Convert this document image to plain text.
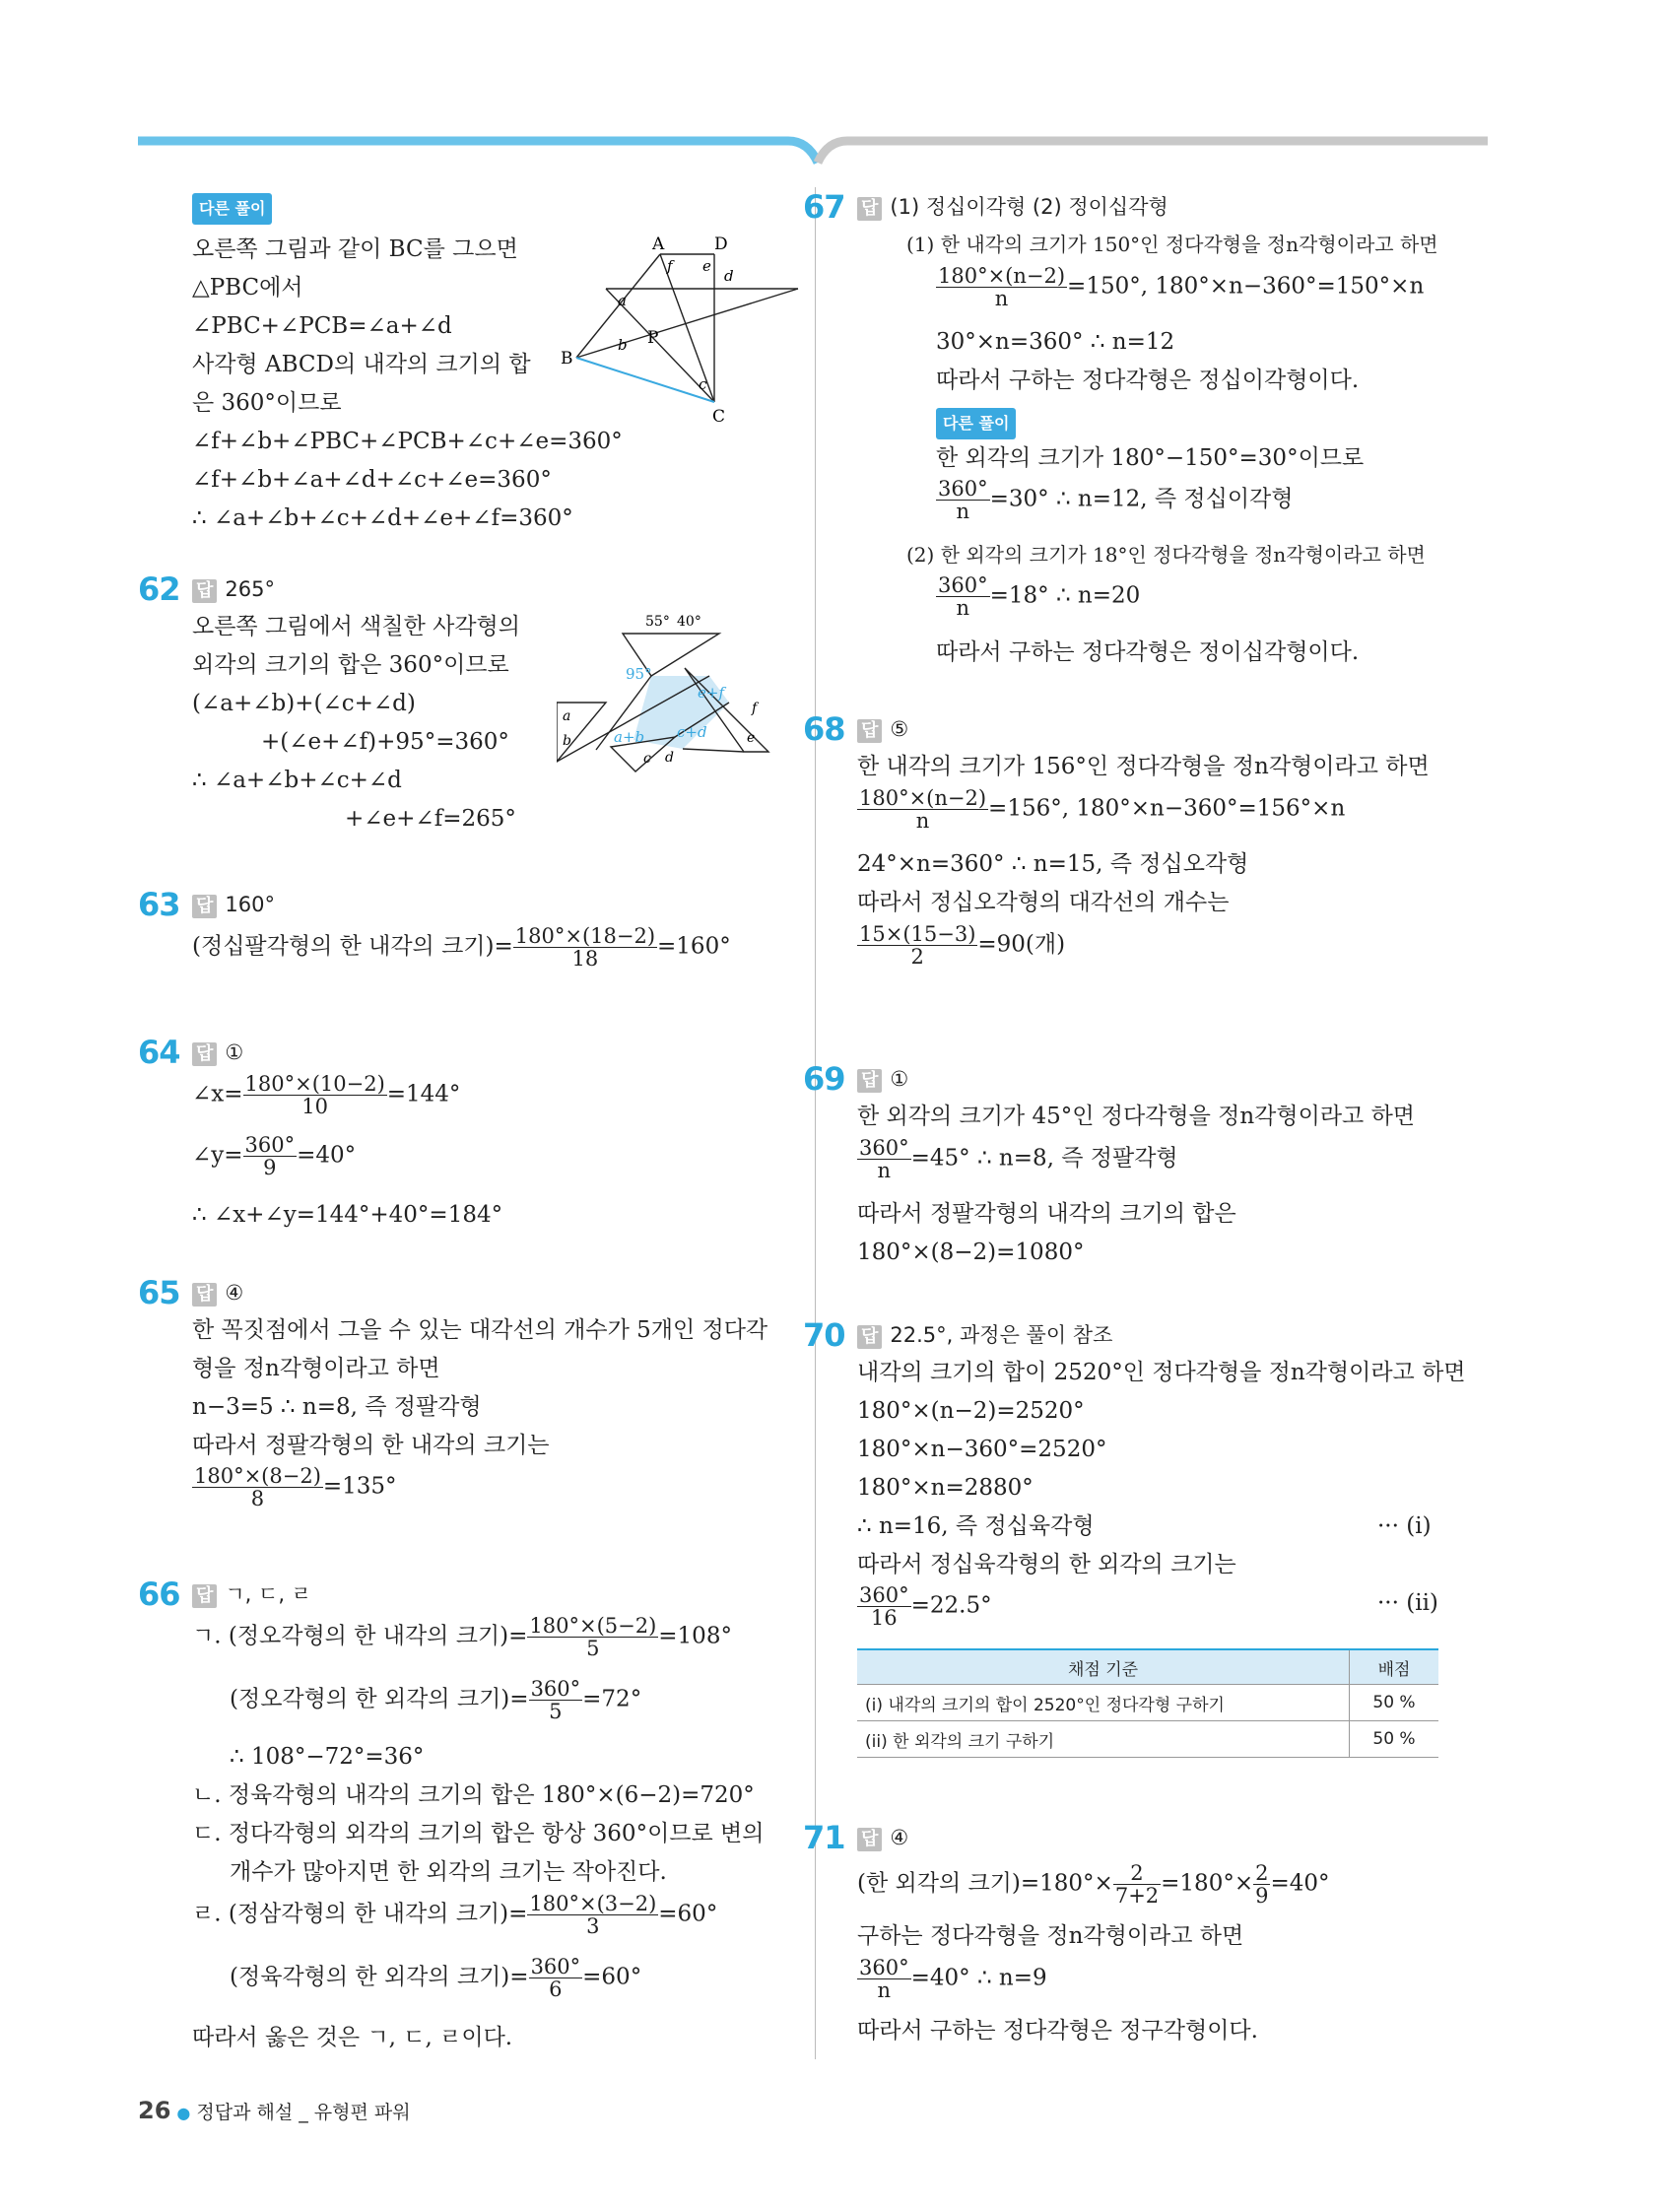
다른 풀이
오른쪽 그림과 같이 BC를 그으면
△PBC에서
∠PBC+∠PCB=∠a+∠d
사각형 ABCD의 내각의 크기의 합
은 360°이므로
∠f+∠b+∠PBC+∠PCB+∠c+∠e=360°
∠f+∠b+∠a+∠d+∠c+∠e=360°
∴ ∠a+∠b+∠c+∠d+∠e+∠f=360°
A	D
B
C
P
a
b
c
d
e
f
62 답 265°
오른쪽 그림에서 색칠한 사각형의
외각의 크기의 합은 360°이므로
(∠a+∠b)+(∠c+∠d)
+(∠e+∠f)+95°=360°
∴ ∠a+∠b+∠c+∠d
+∠e+∠f=265°
55° 40°
95°
e+f
a+b c+d
a
b
c d
e
f
63 답 160°
(정십팔각형의 한 내각의 크기)= $\frac{180^\circ\times(18-2)}{18} =160^\circ$
64 답 ①
∠x= $\frac{180^\circ\times(10-2)}{10} =144^\circ$
∠y= $\frac{360^\circ}{9} =40^\circ$
∴ ∠x+∠y=144°+40°=184°
65 답 ④
한 꼭짓점에서 그을 수 있는 대각선의 개수가 5개인 정다각
형을 정n각형이라고 하면
n−3=5 ∴ n=8, 즉 정팔각형
따라서 정팔각형의 한 내각의 크기는
$\frac{180^\circ\times(8-2)}{8} =135^\circ$
66 답 ㄱ, ㄷ, ㄹ
ㄱ. (정오각형의 한 내각의 크기)= $\frac{180^\circ\times(5-2)}{5} =108^\circ$
(정오각형의 한 외각의 크기)= $\frac{360^\circ}{5} =72^\circ$
∴ 108°−72°=36°
ㄴ. 정육각형의 내각의 크기의 합은 180°×(6−2)=720°
ㄷ. 정다각형의 외각의 크기의 합은 항상 360°이므로 변의
개수가 많아지면 한 외각의 크기는 작아진다.
ㄹ. (정삼각형의 한 내각의 크기)= $\frac{180^\circ\times(3-2)}{3} =60^\circ$
(정육각형의 한 외각의 크기)= $\frac{360^\circ}{6} =60^\circ$
따라서 옳은 것은 ㄱ, ㄷ, ㄹ이다.
67 답 (1) 정십이각형 (2) 정이십각형
(1) 한 내각의 크기가 150°인 정다각형을 정n각형이라고 하면
$\frac{180^\circ\times(n-2)}{n} =150^\circ$, 180°×n−360°=150°×n
30°×n=360° ∴ n=12
따라서 구하는 정다각형은 정십이각형이다.
다른 풀이
한 외각의 크기가 180°−150°=30°이므로
$\frac{360^\circ}{n} =30^\circ$ ∴ n=12, 즉 정십이각형
(2) 한 외각의 크기가 18°인 정다각형을 정n각형이라고 하면
$\frac{360^\circ}{n} =18^\circ$ ∴ n=20
따라서 구하는 정다각형은 정이십각형이다.
68 답 ⑤
한 내각의 크기가 156°인 정다각형을 정n각형이라고 하면
$\frac{180^\circ\times(n-2)}{n} =156^\circ$, 180°×n−360°=156°×n
24°×n=360° ∴ n=15, 즉 정십오각형
따라서 정십오각형의 대각선의 개수는
$\frac{15\times(15-3)}{2} =90$(개)
69 답 ①
한 외각의 크기가 45°인 정다각형을 정n각형이라고 하면
$\frac{360^\circ}{n} =45^\circ$ ∴ n=8, 즉 정팔각형
따라서 정팔각형의 내각의 크기의 합은
180°×(8−2)=1080°
70 답 22.5°, 과정은 풀이 참조
내각의 크기의 합이 2520°인 정다각형을 정n각형이라고 하면
180°×(n−2)=2520°
180°×n−360°=2520°
180°×n=2880°
∴ n=16, 즉 정십육각형	··· (i)
따라서 정십육각형의 한 외각의 크기는
$\frac{360^\circ}{16} =22.5^\circ$	··· (ii)
채점 기준	배점
(i) 내각의 크기의 합이 2520°인 정다각형 구하기	50 %
(ii) 한 외각의 크기 구하기	50 %
71 답 ④
(한 외각의 크기)$=180^\circ\times \frac{2}{7+2} =180^\circ\times \frac{2}{9} =40^\circ$
구하는 정다각형을 정n각형이라고 하면
$\frac{360^\circ}{n} =40^\circ$ ∴ n=9
따라서 구하는 정다각형은 정구각형이다.
26 ● 정답과 해설 _ 유형편 파워
